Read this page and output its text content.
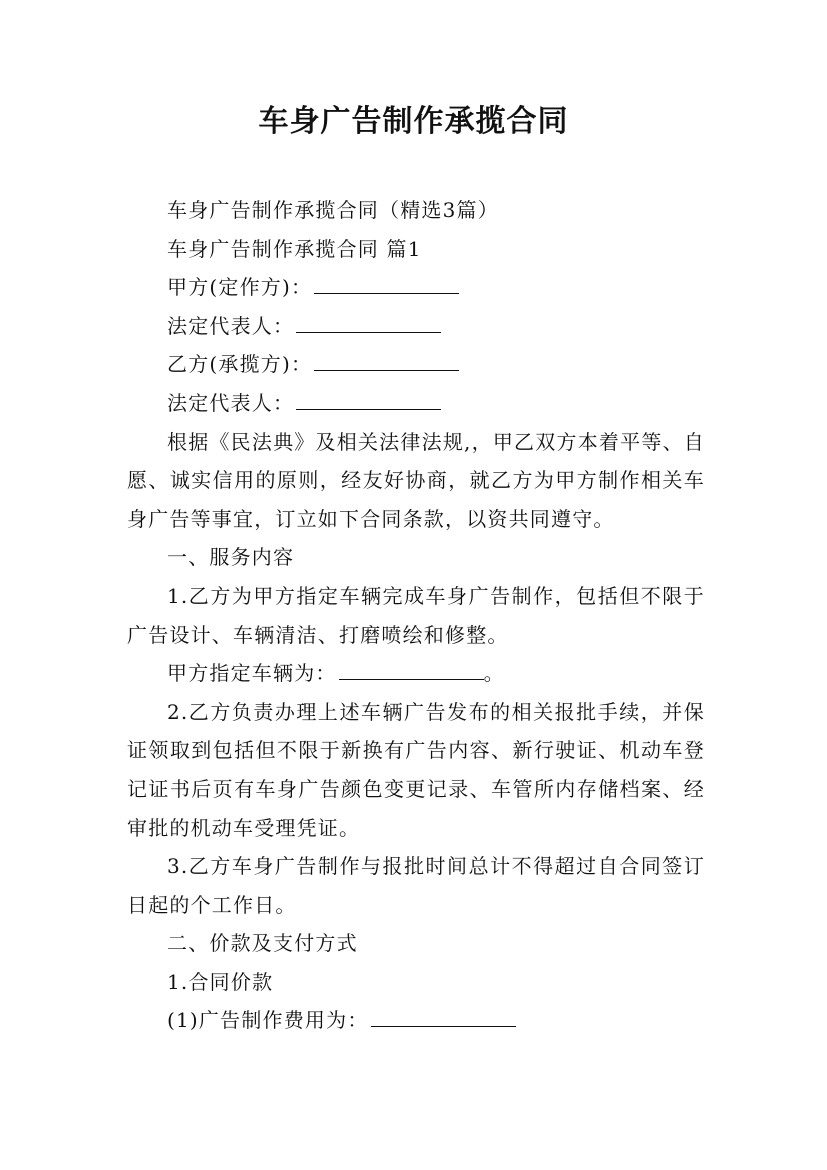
车身广告制作承揽合同

车身广告制作承揽合同（精选3篇）

车身广告制作承揽合同 篇1

甲方(定作方)：

法定代表人：

乙方(承揽方)：

法定代表人：

根据《民法典》及相关法律法规,，甲乙双方本着平等、自愿、诚实信用的原则，经友好协商，就乙方为甲方制作相关车身广告等事宜，订立如下合同条款，以资共同遵守。

一、服务内容

1.乙方为甲方指定车辆完成车身广告制作，包括但不限于广告设计、车辆清洁、打磨喷绘和修整。

甲方指定车辆为：	。

2.乙方负责办理上述车辆广告发布的相关报批手续，并保证领取到包括但不限于新换有广告内容、新行驶证、机动车登记证书后页有车身广告颜色变更记录、车管所内存储档案、经审批的机动车受理凭证。

3.乙方车身广告制作与报批时间总计不得超过自合同签订日起的个工作日。

二、价款及支付方式

1.合同价款

(1)广告制作费用为：
